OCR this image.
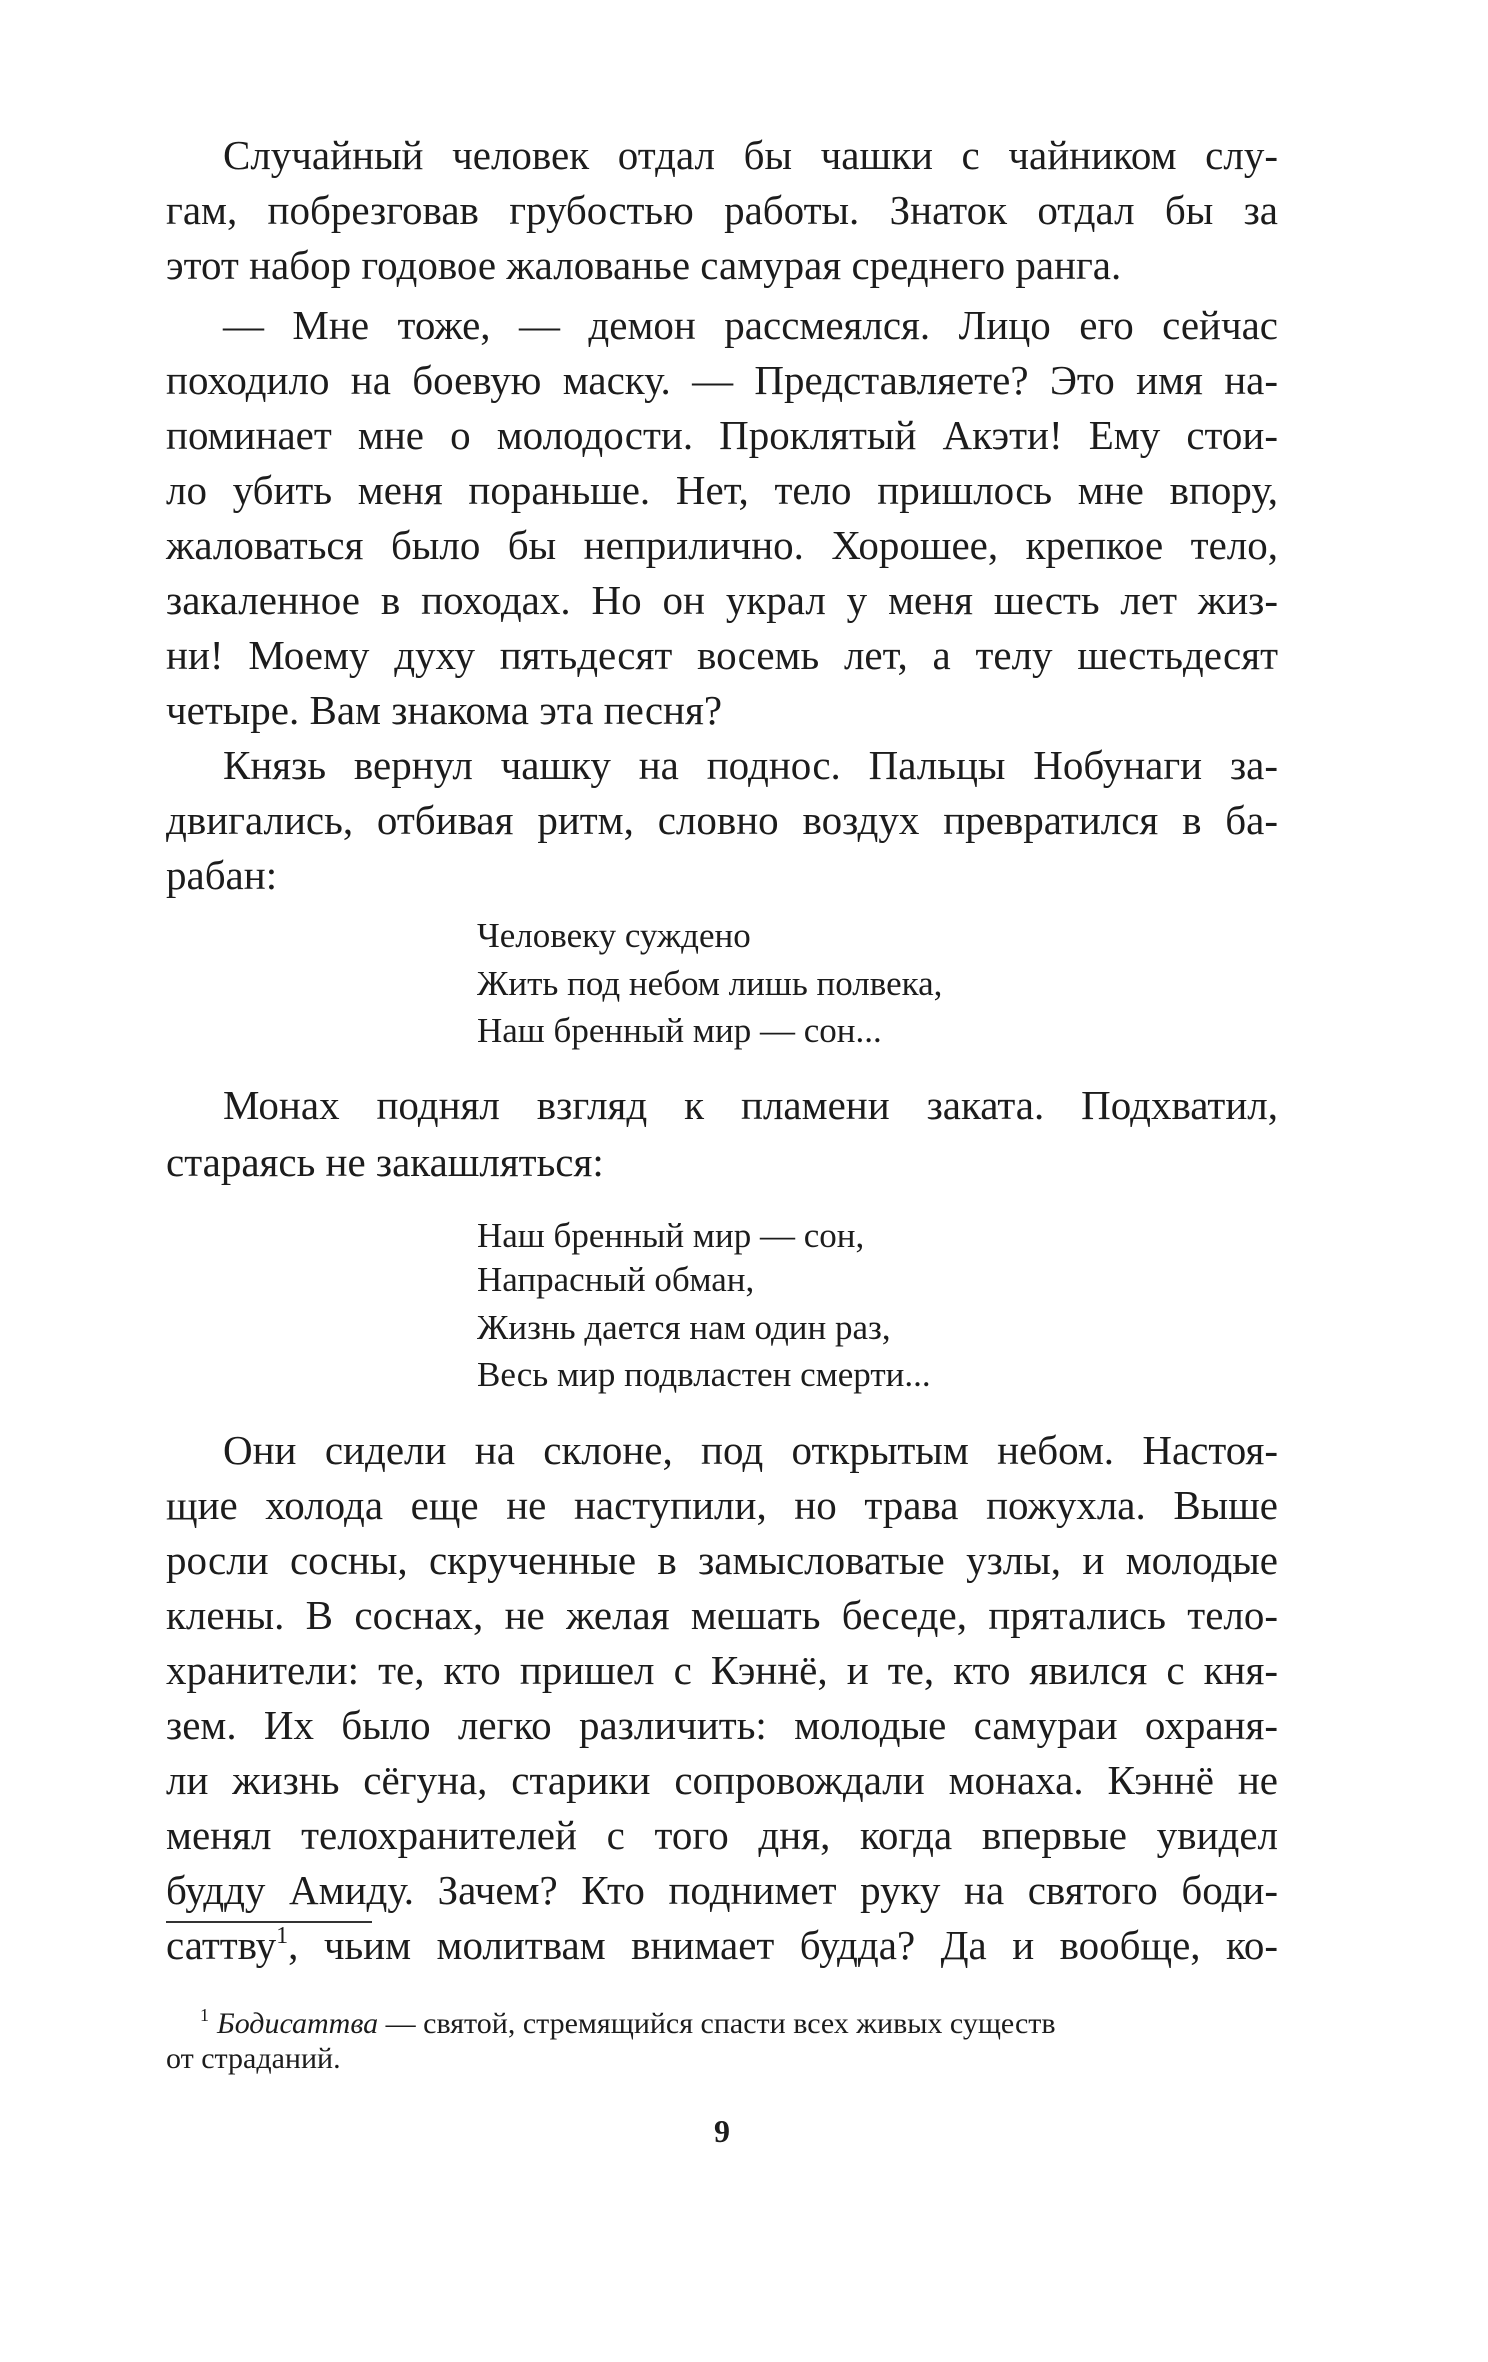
Случайный человек отдал бы чашки с чайником слу-
гам, побрезговав грубостью работы. Знаток отдал бы за
этот набор годовое жалованье самурая среднего ранга.
— Мне тоже, — демон рассмеялся. Лицо его сейчас
походило на боевую маску. — Представляете? Это имя на-
поминает мне о молодости. Проклятый Акэти! Ему стои-
ло убить меня пораньше. Нет, тело пришлось мне впору,
жаловаться было бы неприлично. Хорошее, крепкое тело,
закаленное в походах. Но он украл у меня шесть лет жиз-
ни! Моему духу пятьдесят восемь лет, а телу шестьдесят
четыре. Вам знакома эта песня?
Князь вернул чашку на поднос. Пальцы Нобунаги за-
двигались, отбивая ритм, словно воздух превратился в ба-
рабан:
Человеку суждено
Жить под небом лишь полвека,
Наш бренный мир — сон...
Монах поднял взгляд к пламени заката. Подхватил,
стараясь не закашляться:
Наш бренный мир — сон,
Напрасный обман,
Жизнь дается нам один раз,
Весь мир подвластен смерти...
Они сидели на склоне, под открытым небом. Настоя-
щие холода еще не наступили, но трава пожухла. Выше
росли сосны, скрученные в замысловатые узлы, и молодые
клены. В соснах, не желая мешать беседе, прятались тело-
хранители: те, кто пришел с Кэннё, и те, кто явился с кня-
зем. Их было легко различить: молодые самураи охраня-
ли жизнь сёгуна, старики сопровождали монаха. Кэннё не
менял телохранителей с того дня, когда впервые увидел
будду Амиду. Зачем? Кто поднимет руку на святого боди-
саттву$^1$, чьим молитвам внимает будда? Да и вообще, ко-
$^1$ Бодисаттва — святой, стремящийся спасти всех живых существ
от страданий.
9
